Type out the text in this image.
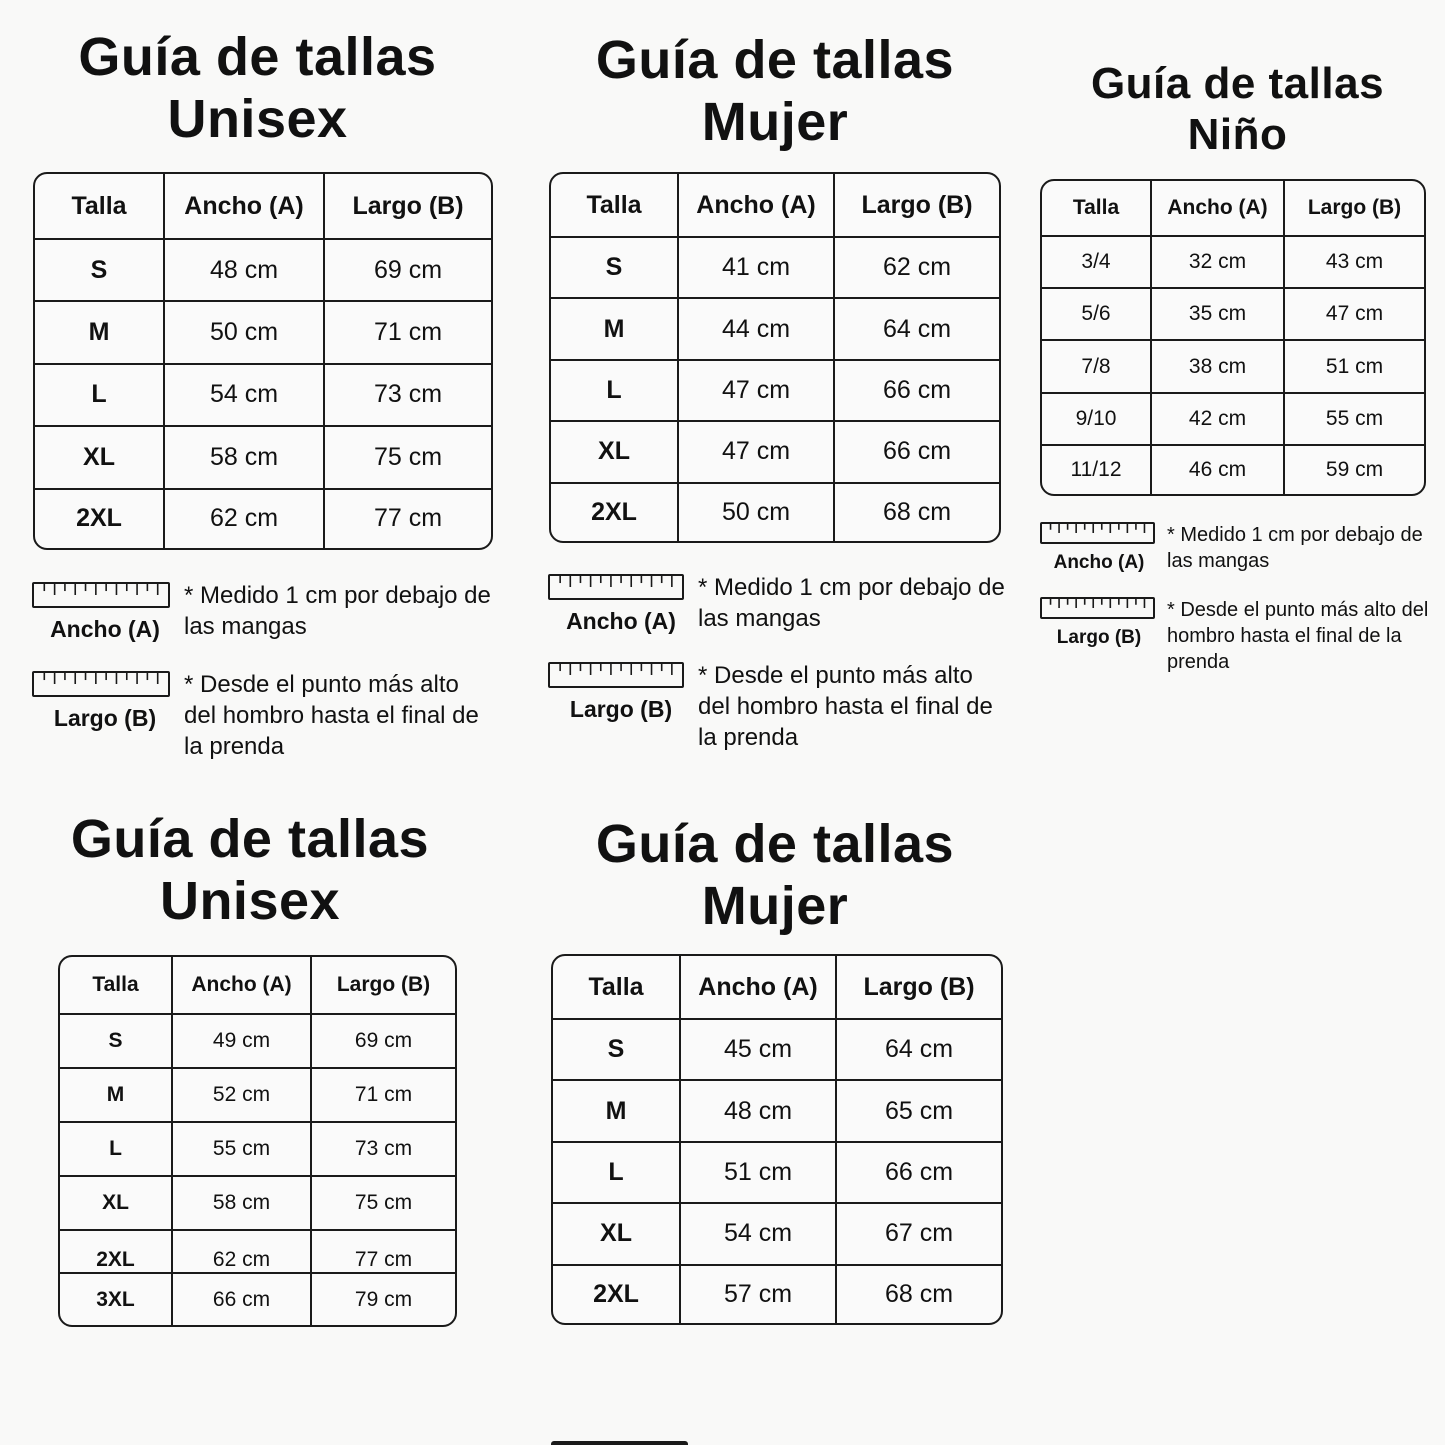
Guía de tallas
Unisex
Talla	Ancho (A)	Largo (B)
S	48 cm	69 cm
M	50 cm	71 cm
L	54 cm	73 cm
XL	58 cm	75 cm
2XL	62 cm	77 cm
Ancho (A)
* Medido 1 cm por debajo de las mangas
Largo (B)
* Desde el punto más alto del hombro hasta el final de la prenda
Guía de tallas
Mujer
Talla	Ancho (A)	Largo (B)
S	41 cm	62 cm
M	44 cm	64 cm
L	47 cm	66 cm
XL	47 cm	66 cm
2XL	50 cm	68 cm
Ancho (A)
* Medido 1 cm por debajo de las mangas
Largo (B)
* Desde el punto más alto del hombro hasta el final de la prenda
Guía de tallas
Niño
Talla	Ancho (A)	Largo (B)
3/4	32 cm	43 cm
5/6	35 cm	47 cm
7/8	38 cm	51 cm
9/10	42 cm	55 cm
11/12	46 cm	59 cm
Ancho (A)
* Medido 1 cm por debajo de las mangas
Largo (B)
* Desde el punto más alto del hombro hasta el final de la prenda
Guía de tallas
Unisex
Talla	Ancho (A)	Largo (B)
S	49 cm	69 cm
M	52 cm	71 cm
L	55 cm	73 cm
XL	58 cm	75 cm
2XL	62 cm	77 cm
3XL	66 cm	79 cm
Guía de tallas
Mujer
Talla	Ancho (A)	Largo (B)
S	45 cm	64 cm
M	48 cm	65 cm
L	51 cm	66 cm
XL	54 cm	67 cm
2XL	57 cm	68 cm
